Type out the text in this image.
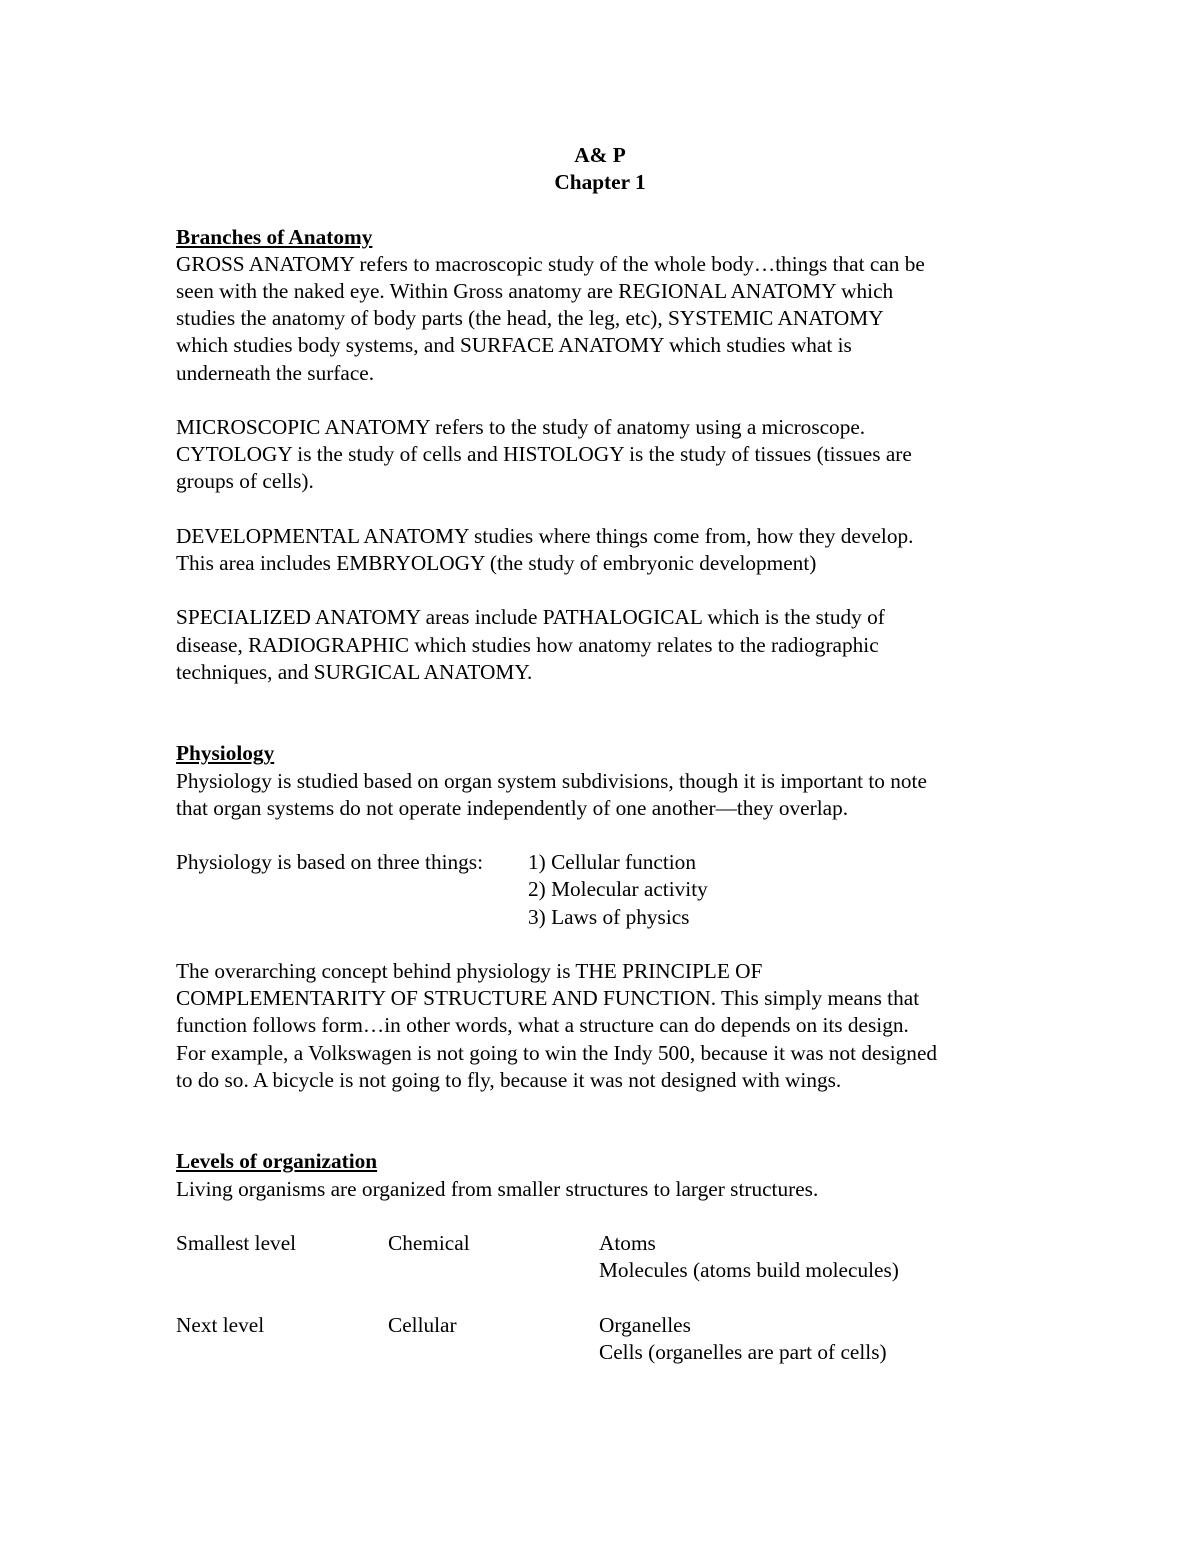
A& P
Chapter 1
Branches of Anatomy
GROSS ANATOMY refers to macroscopic study of the whole body…things that can be
seen with the naked eye. Within Gross anatomy are REGIONAL ANATOMY which
studies the anatomy of body parts (the head, the leg, etc), SYSTEMIC ANATOMY
which studies body systems, and SURFACE ANATOMY which studies what is
underneath the surface.
MICROSCOPIC ANATOMY refers to the study of anatomy using a microscope.
CYTOLOGY is the study of cells and HISTOLOGY is the study of tissues (tissues are
groups of cells).
DEVELOPMENTAL ANATOMY studies where things come from, how they develop.
This area includes EMBRYOLOGY (the study of embryonic development)
SPECIALIZED ANATOMY areas include PATHALOGICAL which is the study of
disease, RADIOGRAPHIC which studies how anatomy relates to the radiographic
techniques, and SURGICAL ANATOMY.
Physiology
Physiology is studied based on organ system subdivisions, though it is important to note
that organ systems do not operate independently of one another—they overlap.
Physiology is based on three things:	1) Cellular function
2) Molecular activity
3) Laws of physics
The overarching concept behind physiology is THE PRINCIPLE OF
COMPLEMENTARITY OF STRUCTURE AND FUNCTION. This simply means that
function follows form…in other words, what a structure can do depends on its design.
For example, a Volkswagen is not going to win the Indy 500, because it was not designed
to do so. A bicycle is not going to fly, because it was not designed with wings.
Levels of organization
Living organisms are organized from smaller structures to larger structures.
Smallest level	Chemical	Atoms
Molecules (atoms build molecules)
Next level	Cellular	Organelles
Cells (organelles are part of cells)
